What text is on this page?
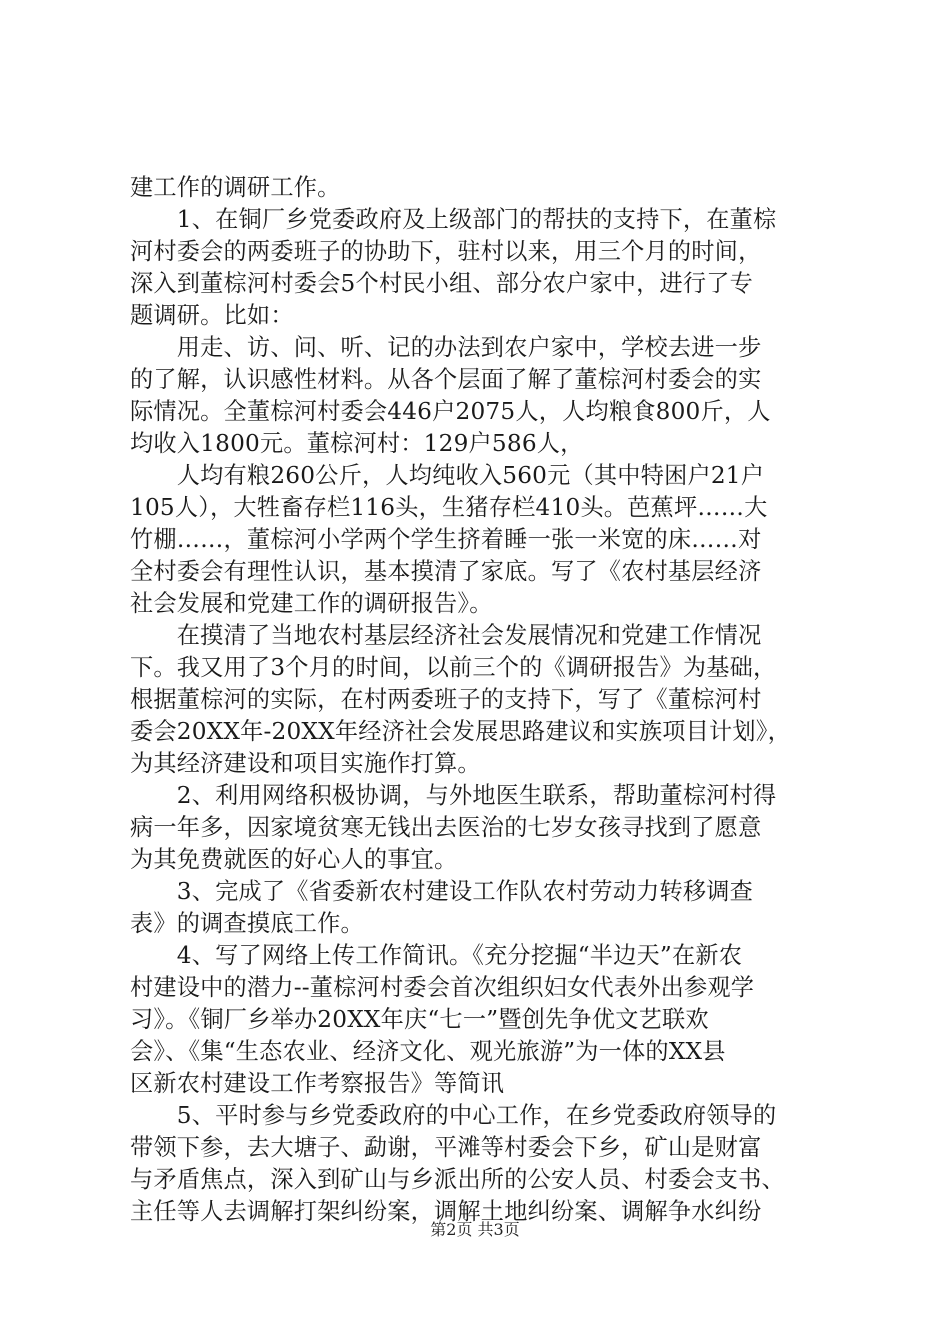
建工作的调研工作。
　　1、在铜厂乡党委政府及上级部门的帮扶的支持下，在董棕
河村委会的两委班子的协助下，驻村以来，用三个月的时间，
深入到董棕河村委会5个村民小组、部分农户家中，进行了专
题调研。比如：
　　用走、访、问、听、记的办法到农户家中，学校去进一步
的了解，认识感性材料。从各个层面了解了董棕河村委会的实
际情况。全董棕河村委会446户2075人，人均粮食800斤，人
均收入1800元。董棕河村：129户586人，
　　人均有粮260公斤，人均纯收入560元（其中特困户21户
105人），大牲畜存栏116头，生猪存栏410头。芭蕉坪……大
竹棚……，董棕河小学两个学生挤着睡一张一米宽的床……对
全村委会有理性认识，基本摸清了家底。写了《农村基层经济
社会发展和党建工作的调研报告》。
　　在摸清了当地农村基层经济社会发展情况和党建工作情况
下。我又用了3个月的时间，以前三个的《调研报告》为基础，
根据董棕河的实际，在村两委班子的支持下，写了《董棕河村
委会20XX年-20XX年经济社会发展思路建议和实族项目计划》，
为其经济建设和项目实施作打算。
　　2、利用网络积极协调，与外地医生联系，帮助董棕河村得
病一年多，因家境贫寒无钱出去医治的七岁女孩寻找到了愿意
为其免费就医的好心人的事宜。
　　3、完成了《省委新农村建设工作队农村劳动力转移调查
表》的调查摸底工作。
　　4、写了网络上传工作简讯。《充分挖掘“半边天”在新农
村建设中的潜力--董棕河村委会首次组织妇女代表外出参观学
习》。《铜厂乡举办20XX年庆“七一”暨创先争优文艺联欢
会》、《集“生态农业、经济文化、观光旅游”为一体的XX县
区新农村建设工作考察报告》等简讯
　　5、平时参与乡党委政府的中心工作，在乡党委政府领导的
带领下参，去大塘子、勐谢，平滩等村委会下乡，矿山是财富
与矛盾焦点，深入到矿山与乡派出所的公安人员、村委会支书、
主任等人去调解打架纠纷案，调解土地纠纷案、调解争水纠纷
第2页 共3页
